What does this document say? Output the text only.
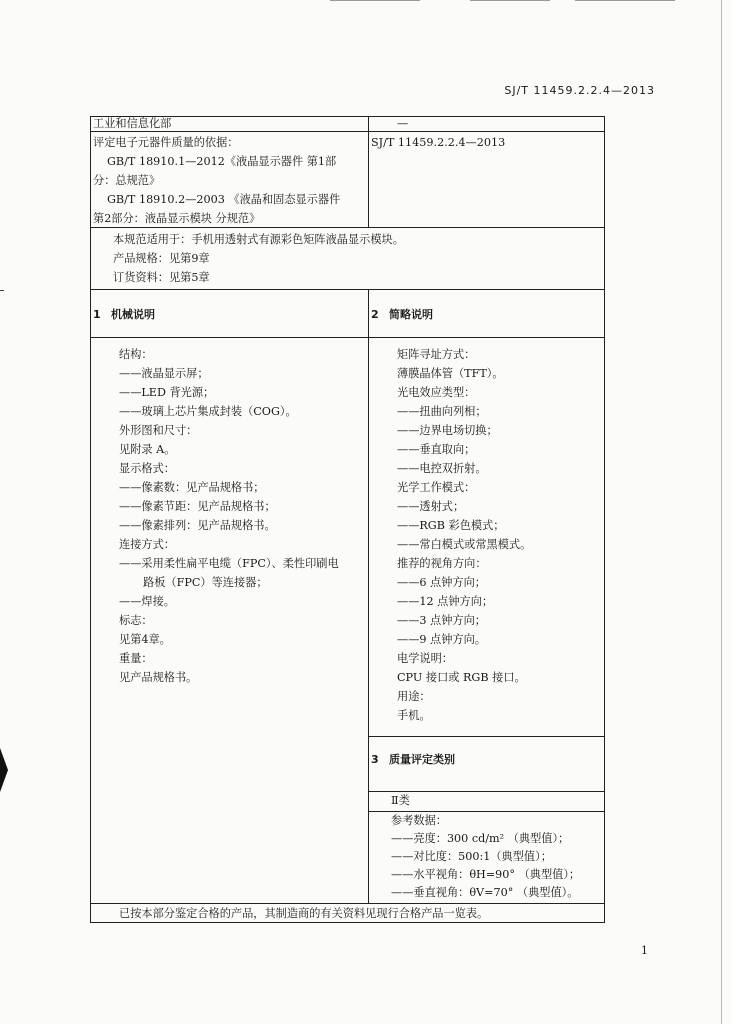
SJ/T 11459.2.2.4—2013
工业和信息化部	—
评定电子元器件质量的依据：
GB/T 18910.1—2012《液晶显示器件 第1部
分：总规范》
GB/T 18910.2—2003 《液晶和固态显示器件
第2部分：液晶显示模块 分规范》
SJ/T 11459.2.2.4—2013
本规范适用于：手机用透射式有源彩色矩阵液晶显示模块。
产品规格：见第9章
订货资料：见第5章
1 机械说明	2 简略说明
结构：
——液晶显示屏；
——LED 背光源；
——玻璃上芯片集成封装（COG）。
外形图和尺寸：
见附录 A。
显示格式：
——像素数：见产品规格书；
——像素节距：见产品规格书；
——像素排列：见产品规格书。
连接方式：
——采用柔性扁平电缆（FPC）、柔性印刷电
路板（FPC）等连接器；
——焊接。
标志：
见第4章。
重量：
见产品规格书。
矩阵寻址方式：
薄膜晶体管（TFT）。
光电效应类型：
——扭曲向列相；
——边界电场切换；
——垂直取向；
——电控双折射。
光学工作模式：
——透射式；
——RGB 彩色模式；
——常白模式或常黑模式。
推荐的视角方向：
——6 点钟方向；
——12 点钟方向；
——3 点钟方向；
——9 点钟方向。
电学说明：
CPU 接口或 RGB 接口。
用途：
手机。
3 质量评定类别
Ⅱ类
参考数据：
——亮度：300 cd/m² （典型值）；
——对比度：500:1（典型值）；
——水平视角：θH=90° （典型值）；
——垂直视角：θV=70° （典型值）。
已按本部分鉴定合格的产品，其制造商的有关资料见现行合格产品一览表。
1
